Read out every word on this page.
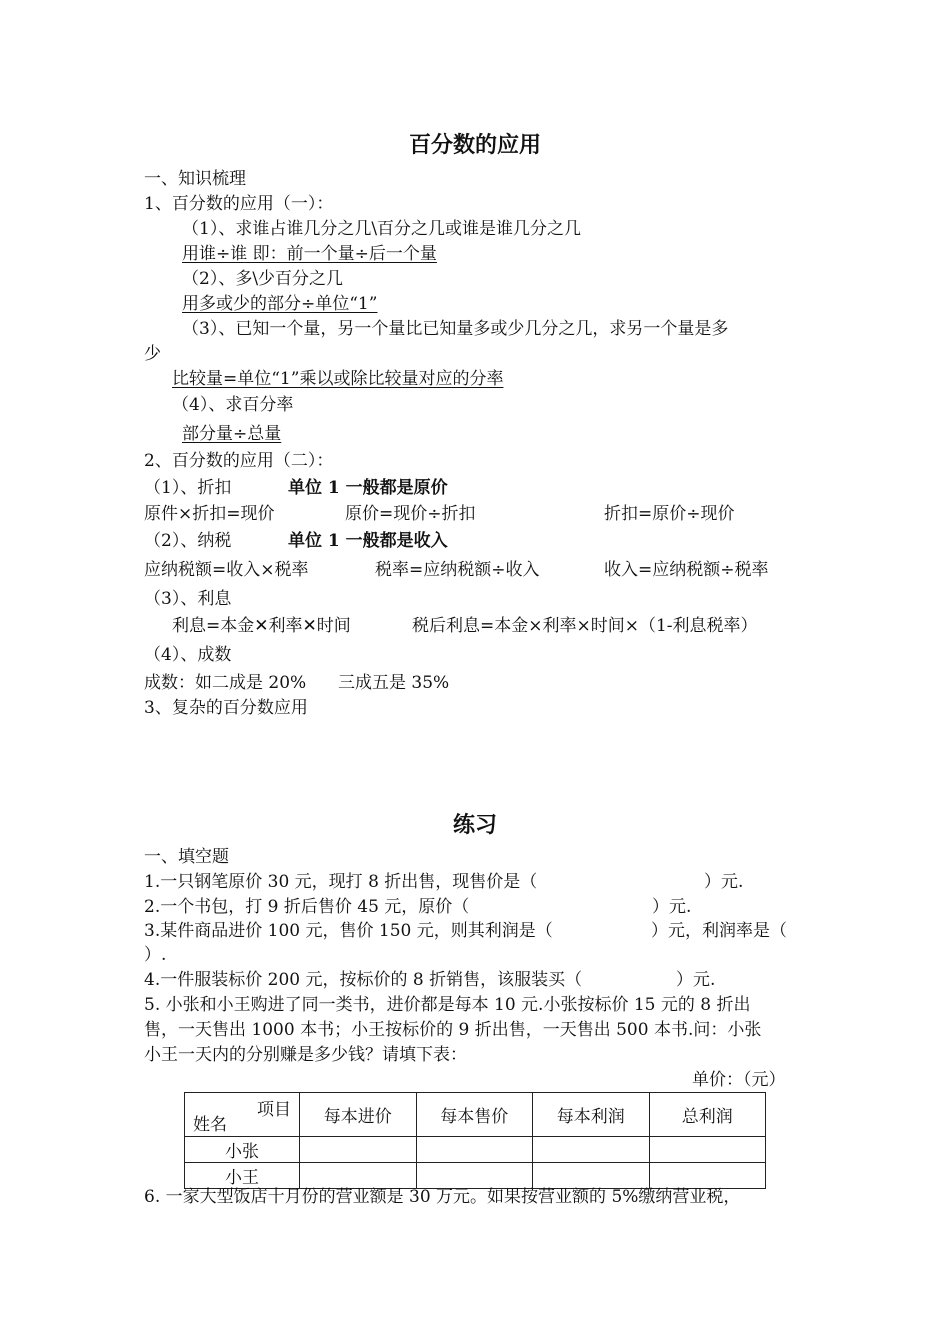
百分数的应用
一、知识梳理
1、百分数的应用（一）：
（1）、求谁占谁几分之几\百分之几或谁是谁几分之几
用谁÷谁 即：前一个量÷后一个量
（2）、多\少百分之几
用多或少的部分÷单位“1”
（3）、已知一个量，另一个量比已知量多或少几分之几，求另一个量是多
少
比较量=单位“1”乘以或除比较量对应的分率
（4）、求百分率
部分量÷总量
2、百分数的应用（二）：
（1）、折扣	单位 1 一般都是原价
原件×折扣=现价	原价=现价÷折扣	折扣=原价÷现价
（2）、纳税	单位 1 一般都是收入
应纳税额=收入×税率	税率=应纳税额÷收入	收入=应纳税额÷税率
（3）、利息
利息=本金✕利率✕时间	税后利息=本金×利率×时间×（1-利息税率）
（4）、成数
成数：如二成是 20% 三成五是 35%
3、复杂的百分数应用
练习
一、填空题
1.一只钢笔原价 30 元，现打 8 折出售，现售价是（	）元.
2.一个书包，打 9 折后售价 45 元，原价（	）元.
3.某件商品进价 100 元，售价 150 元，则其利润是（	）元，利润率是（
）.
4.一件服装标价 200 元，按标价的 8 折销售，该服装买（	）元.
5. 小张和小王购进了同一类书，进价都是每本 10 元.小张按标价 15 元的 8 折出
售，一天售出 1000 本书；小王按标价的 9 折出售，一天售出 500 本书.问：小张
小王一天内的分别赚是多少钱？请填下表：
单价：（元）
项目
姓名	每本进价	每本售价	每本利润	总利润
小张				
小王				
6. 一家大型饭店十月份的营业额是 30 万元。如果按营业额的 5%缴纳营业税，
